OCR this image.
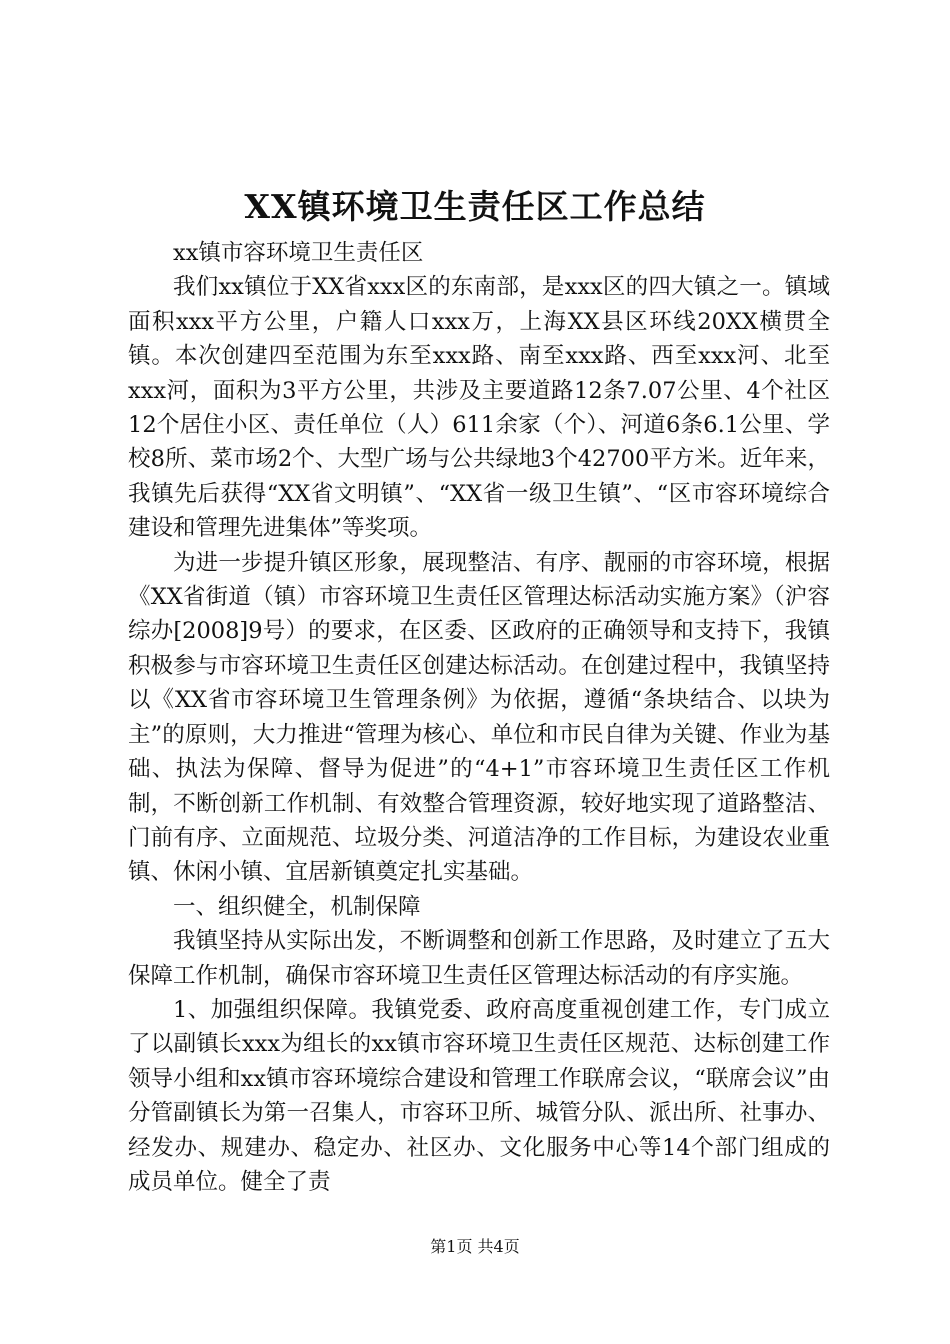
XX镇环境卫生责任区工作总结

xx镇市容环境卫生责任区

我们xx镇位于XX省xxx区的东南部，是xxx区的四大镇之一。镇域面积xxx平方公里，户籍人口xxx万，上海XX县区环线20XX横贯全镇。本次创建四至范围为东至xxx路、南至xxx路、西至xxx河、北至xxx河，面积为3平方公里，共涉及主要道路12条7.07公里、4个社区12个居住小区、责任单位（人）611余家（个）、河道6条6.1公里、学校8所、菜市场2个、大型广场与公共绿地3个42700平方米。近年来，我镇先后获得“XX省文明镇”、“XX省一级卫生镇”、“区市容环境综合建设和管理先进集体”等奖项。

为进一步提升镇区形象，展现整洁、有序、靓丽的市容环境，根据《XX省街道（镇）市容环境卫生责任区管理达标活动实施方案》（沪容综办[2008]9号）的要求，在区委、区政府的正确领导和支持下，我镇积极参与市容环境卫生责任区创建达标活动。在创建过程中，我镇坚持以《XX省市容环境卫生管理条例》为依据，遵循“条块结合、以块为主”的原则，大力推进“管理为核心、单位和市民自律为关键、作业为基础、执法为保障、督导为促进”的“4+1”市容环境卫生责任区工作机制，不断创新工作机制、有效整合管理资源，较好地实现了道路整洁、门前有序、立面规范、垃圾分类、河道洁净的工作目标，为建设农业重镇、休闲小镇、宜居新镇奠定扎实基础。

一、组织健全，机制保障

我镇坚持从实际出发，不断调整和创新工作思路，及时建立了五大保障工作机制，确保市容环境卫生责任区管理达标活动的有序实施。

1、加强组织保障。我镇党委、政府高度重视创建工作，专门成立了以副镇长xxx为组长的xx镇市容环境卫生责任区规范、达标创建工作领导小组和xx镇市容环境综合建设和管理工作联席会议，“联席会议”由分管副镇长为第一召集人，市容环卫所、城管分队、派出所、社事办、经发办、规建办、稳定办、社区办、文化服务中心等14个部门组成的成员单位。健全了责

第1页 共4页
